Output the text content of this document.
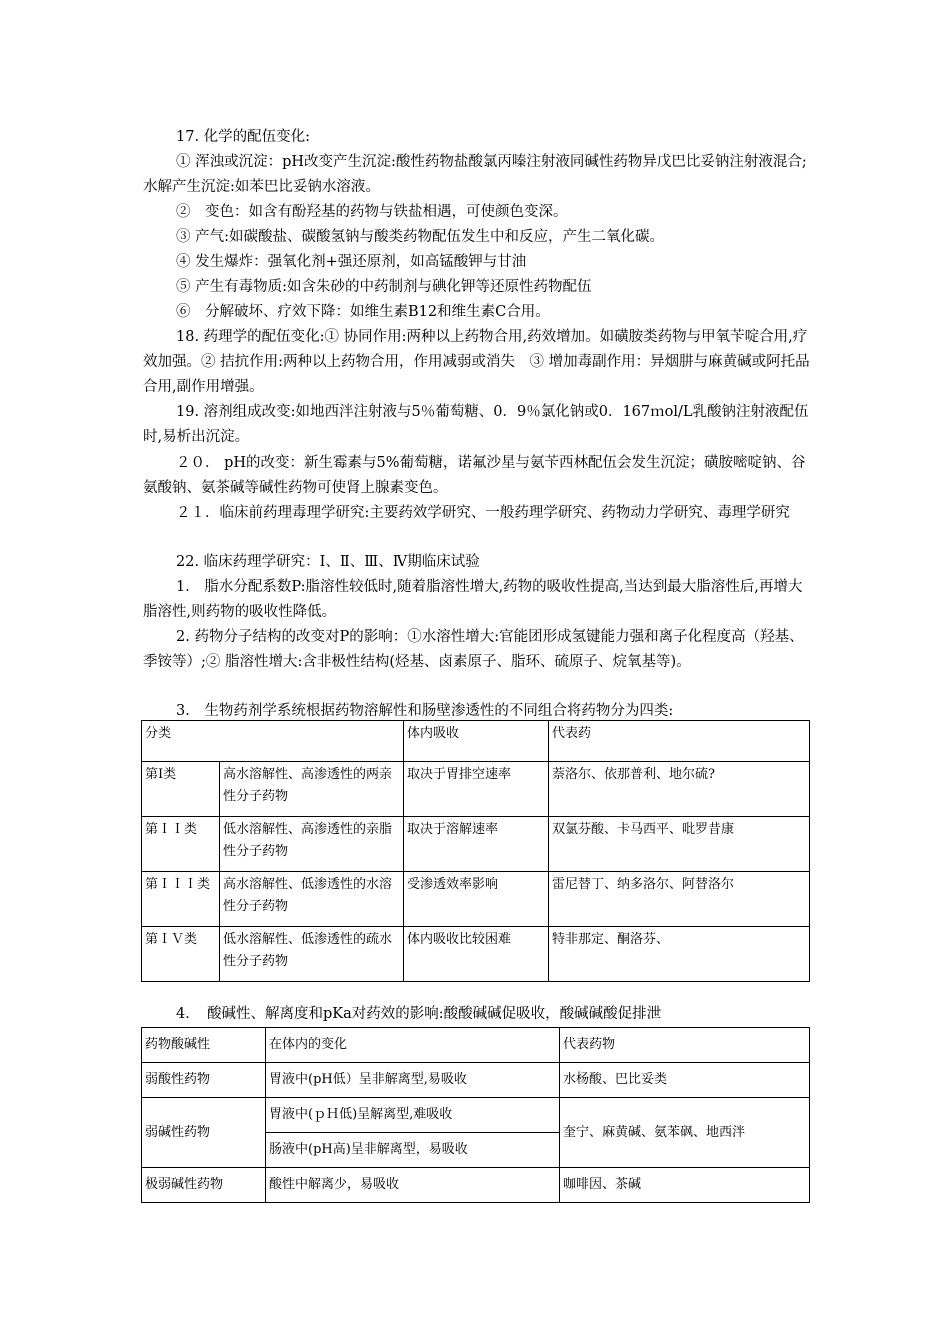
17. 化学的配伍变化:
① 浑浊或沉淀：pH改变产生沉淀:酸性药物盐酸氯丙嗪注射液同碱性药物异戊巴比妥钠注射液混合;水解产生沉淀:如苯巴比妥钠水溶液。
②　变色：如含有酚羟基的药物与铁盐相遇，可使颜色变深。
③ 产气:如碳酸盐、碳酸氢钠与酸类药物配伍发生中和反应，产生二氧化碳。
④ 发生爆炸：强氧化剂+强还原剂，如高锰酸钾与甘油
⑤ 产生有毒物质:如含朱砂的中药制剂与碘化钾等还原性药物配伍
⑥　分解破坏、疗效下降：如维生素B12和维生素C合用。
18. 药理学的配伍变化:① 协同作用:两种以上药物合用,药效增加。如磺胺类药物与甲氧苄啶合用,疗效加强。② 拮抗作用:两种以上药物合用，作用减弱或消失　③ 增加毒副作用：异烟肼与麻黄碱或阿托品合用,副作用增强。
19. 溶剂组成改变:如地西泮注射液与5％葡萄糖、0．9％氯化钠或0．167ｍol/L乳酸钠注射液配伍时,易析出沉淀。
２０． pH的改变：新生霉素与5%葡萄糖，诺氟沙星与氨苄西林配伍会发生沉淀；磺胺嘧啶钠、谷氨酸钠、氨茶碱等碱性药物可使肾上腺素变色。
２１．临床前药理毒理学研究:主要药效学研究、一般药理学研究、药物动力学研究、毒理学研究
22. 临床药理学研究：Ⅰ、Ⅱ、Ⅲ、Ⅳ期临床试验
1． 脂水分配系数P:脂溶性较低时,随着脂溶性增大,药物的吸收性提高,当达到最大脂溶性后,再增大脂溶性,则药物的吸收性降低。
2. 药物分子结构的改变对P的影响：①水溶性增大:官能团形成氢键能力强和离子化程度高（羟基、季铵等）;② 脂溶性增大:含非极性结构(烃基、卤素原子、脂环、硫原子、烷氧基等)。
3． 生物药剂学系统根据药物溶解性和肠壁渗透性的不同组合将药物分为四类:
分类		体内吸收	代表药
第Ⅰ类	高水溶解性、高渗透性的两亲性分子药物	取决于胃排空速率	萘洛尔、依那普利、地尔硫?
第ＩＩ类	低水溶解性、高渗透性的亲脂性分子药物	取决于溶解速率	双氯芬酸、卡马西平、吡罗昔康
第ＩＩＩ类	高水溶解性、低渗透性的水溶性分子药物	受渗透效率影响	雷尼替丁、纳多洛尔、阿替洛尔
第ＩＶ类	低水溶解性、低渗透性的疏水性分子药物	体内吸收比较困难	特非那定、酮洛芬、
4．　酸碱性、解离度和pKa对药效的影响:酸酸碱碱促吸收，酸碱碱酸促排泄
药物酸碱性	在体内的变化	代表药物
弱酸性药物	胃液中(pH低）呈非解离型,易吸收	水杨酸、巴比妥类
弱碱性药物	胃液中(ｐＨ低)呈解离型,难吸收	奎宁、麻黄碱、氨苯砜、地西泮
	肠液中(pH高)呈非解离型，易吸收	
极弱碱性药物	酸性中解离少，易吸收	咖啡因、茶碱
